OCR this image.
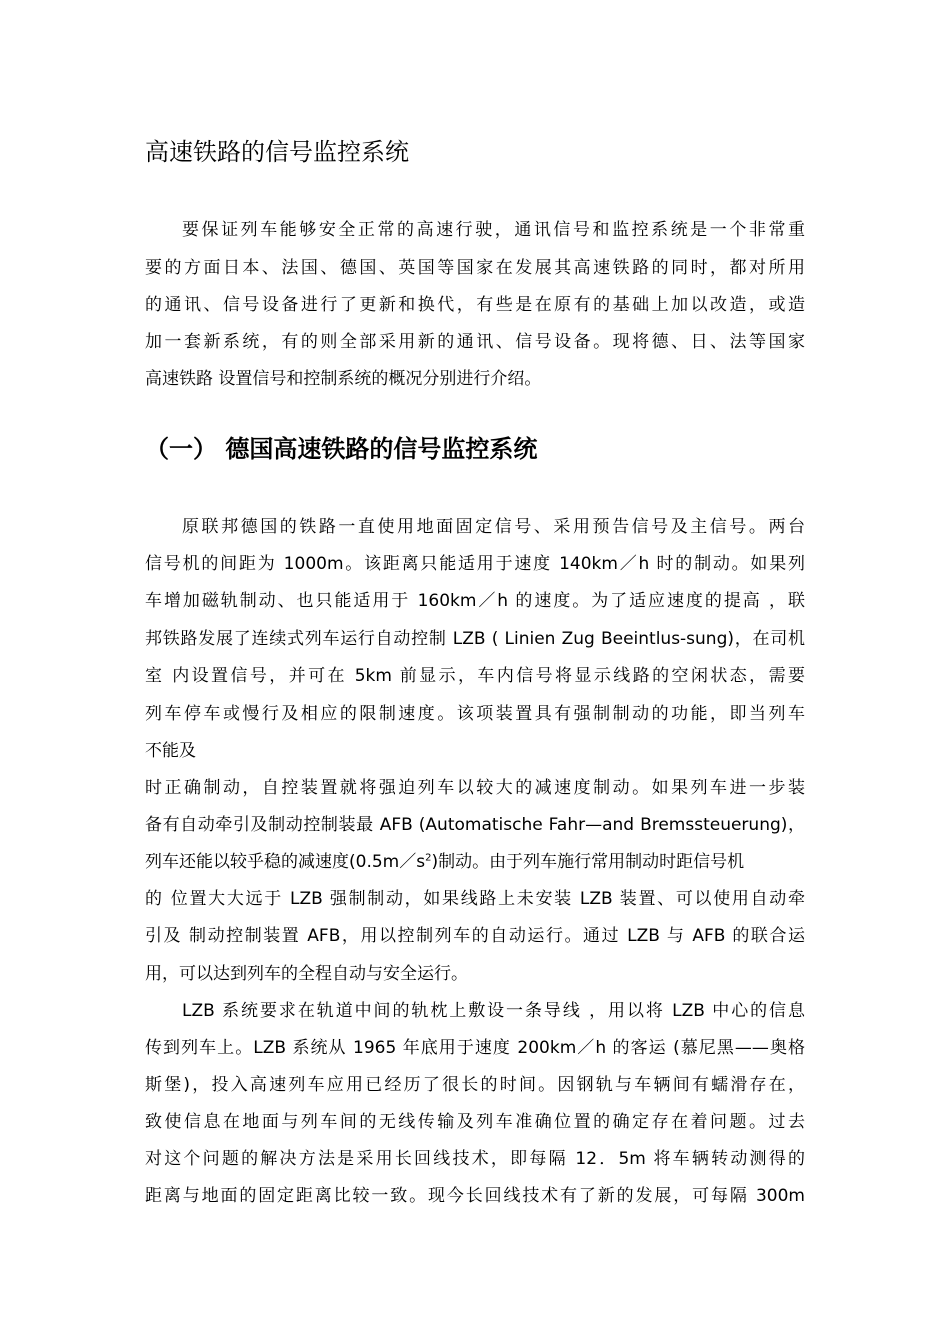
高速铁路的信号监控系统
要保证列车能够安全正常的高速行驶，通讯信号和监控系统是一个非常重
要的方面日本、法国、德国、英国等国家在发展其高速铁路的同时，都对所用
的通讯、信号设备进行了更新和换代，有些是在原有的基础上加以改造，或造
加一套新系统，有的则全部采用新的通讯、信号设备。现将德、日、法等国家
高速铁路 设置信号和控制系统的概况分别进行介绍。
（一） 德国高速铁路的信号监控系统
原联邦德国的铁路一直使用地面固定信号、采用预告信号及主信号。两台
信号机的间距为 1000m。该距离只能适用于速度 140km／h 时的制动。如果列
车增加磁轨制动、也只能适用于 160km／h 的速度。为了适应速度的提高 ，联
邦铁路发展了连续式列车运行自动控制 LZB ( Linien Zug Beeintlus-sung)，在司机
室 内设置信号，并可在 5km 前显示，车内信号将显示线路的空闲状态，需要
列车停车或慢行及相应的限制速度。该项装置具有强制制动的功能，即当列车
不能及
时正确制动，自控装置就将强迫列车以较大的减速度制动。如果列车进一步装
备有自动牵引及制动控制装最 AFB (Automatische Fahr—and Bremssteuerung)，
列车还能以较乎稳的减速度$(0.5m/s^2)$制动。由于列车施行常用制动时距信号机
的 位置大大远于 LZB 强制制动，如果线路上未安装 LZB 装置、可以使用自动牵
引及 制动控制装置 AFB，用以控制列车的自动运行。通过 LZB 与 AFB 的联合运
用，可以达到列车的全程自动与安全运行。
LZB 系统要求在轨道中间的轨枕上敷设一条导线 ，用以将 LZB 中心的信息
传到列车上。LZB 系统从 1965 年底用于速度 200km／h 的客运 (慕尼黑——奥格
斯堡)，投入高速列车应用已经历了很长的时间。因钢轨与车辆间有蠕滑存在，
致使信息在地面与列车间的无线传输及列车准确位置的确定存在着问题。过去
对这个问题的解决方法是采用长回线技术，即每隔 12．5m 将车辆转动测得的
距离与地面的固定距离比较一致。现今长回线技术有了新的发展，可每隔 300m
